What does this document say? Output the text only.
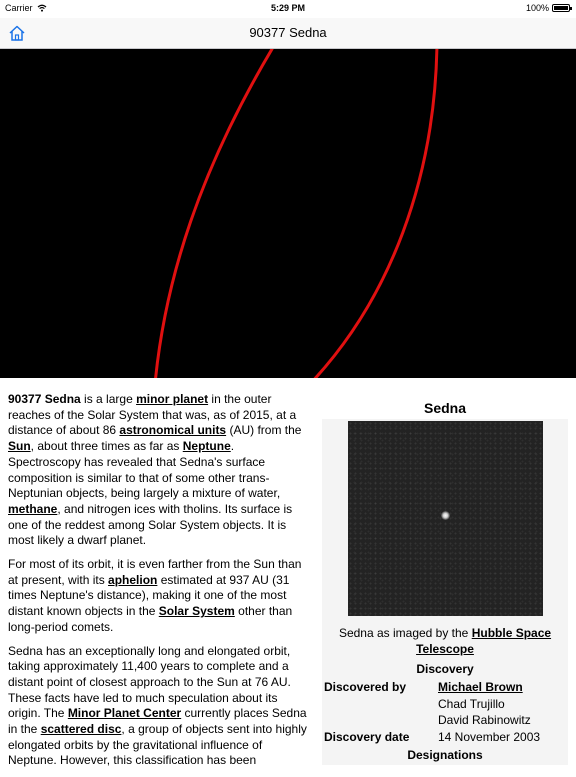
Carrier	5:29 PM	100%
90377 Sedna

90377 Sedna is a large minor planet in the outer reaches of the Solar System that was, as of 2015, at a distance of about 86 astronomical units (AU) from the Sun, about three times as far as Neptune. Spectroscopy has revealed that Sedna's surface composition is similar to that of some other trans-Neptunian objects, being largely a mixture of water, methane, and nitrogen ices with tholins. Its surface is one of the reddest among Solar System objects. It is most likely a dwarf planet.

For most of its orbit, it is even farther from the Sun than at present, with its aphelion estimated at 937 AU (31 times Neptune's distance), making it one of the most distant known objects in the Solar System other than long-period comets.

Sedna has an exceptionally long and elongated orbit, taking approximately 11,400 years to complete and a distant point of closest approach to the Sun at 76 AU. These facts have led to much speculation about its origin. The Minor Planet Center currently places Sedna in the scattered disc, a group of objects sent into highly elongated orbits by the gravitational influence of Neptune. However, this classification has been

Sedna
Sedna as imaged by the Hubble Space Telescope
Discovery
Discovered by	Michael Brown
Chad Trujillo
David Rabinowitz
Discovery date	14 November 2003
Designations
